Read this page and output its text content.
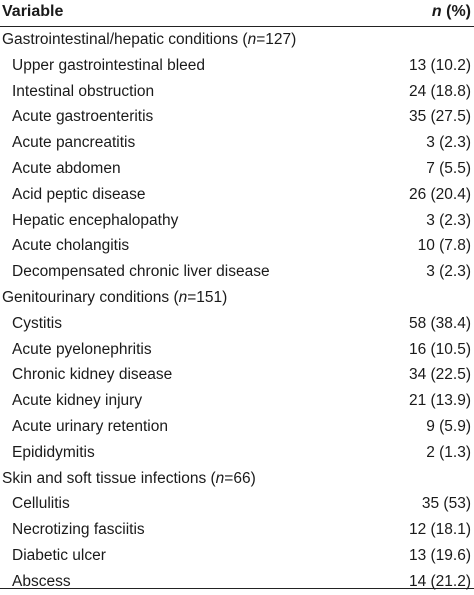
Variable	n (%)
Gastrointestinal/hepatic conditions (n=127)
Upper gastrointestinal bleed	13 (10.2)
Intestinal obstruction	24 (18.8)
Acute gastroenteritis	35 (27.5)
Acute pancreatitis	3 (2.3)
Acute abdomen	7 (5.5)
Acid peptic disease	26 (20.4)
Hepatic encephalopathy	3 (2.3)
Acute cholangitis	10 (7.8)
Decompensated chronic liver disease	3 (2.3)
Genitourinary conditions (n=151)
Cystitis	58 (38.4)
Acute pyelonephritis	16 (10.5)
Chronic kidney disease	34 (22.5)
Acute kidney injury	21 (13.9)
Acute urinary retention	9 (5.9)
Epididymitis	2 (1.3)
Skin and soft tissue infections (n=66)
Cellulitis	35 (53)
Necrotizing fasciitis	12 (18.1)
Diabetic ulcer	13 (19.6)
Abscess	14 (21.2)
